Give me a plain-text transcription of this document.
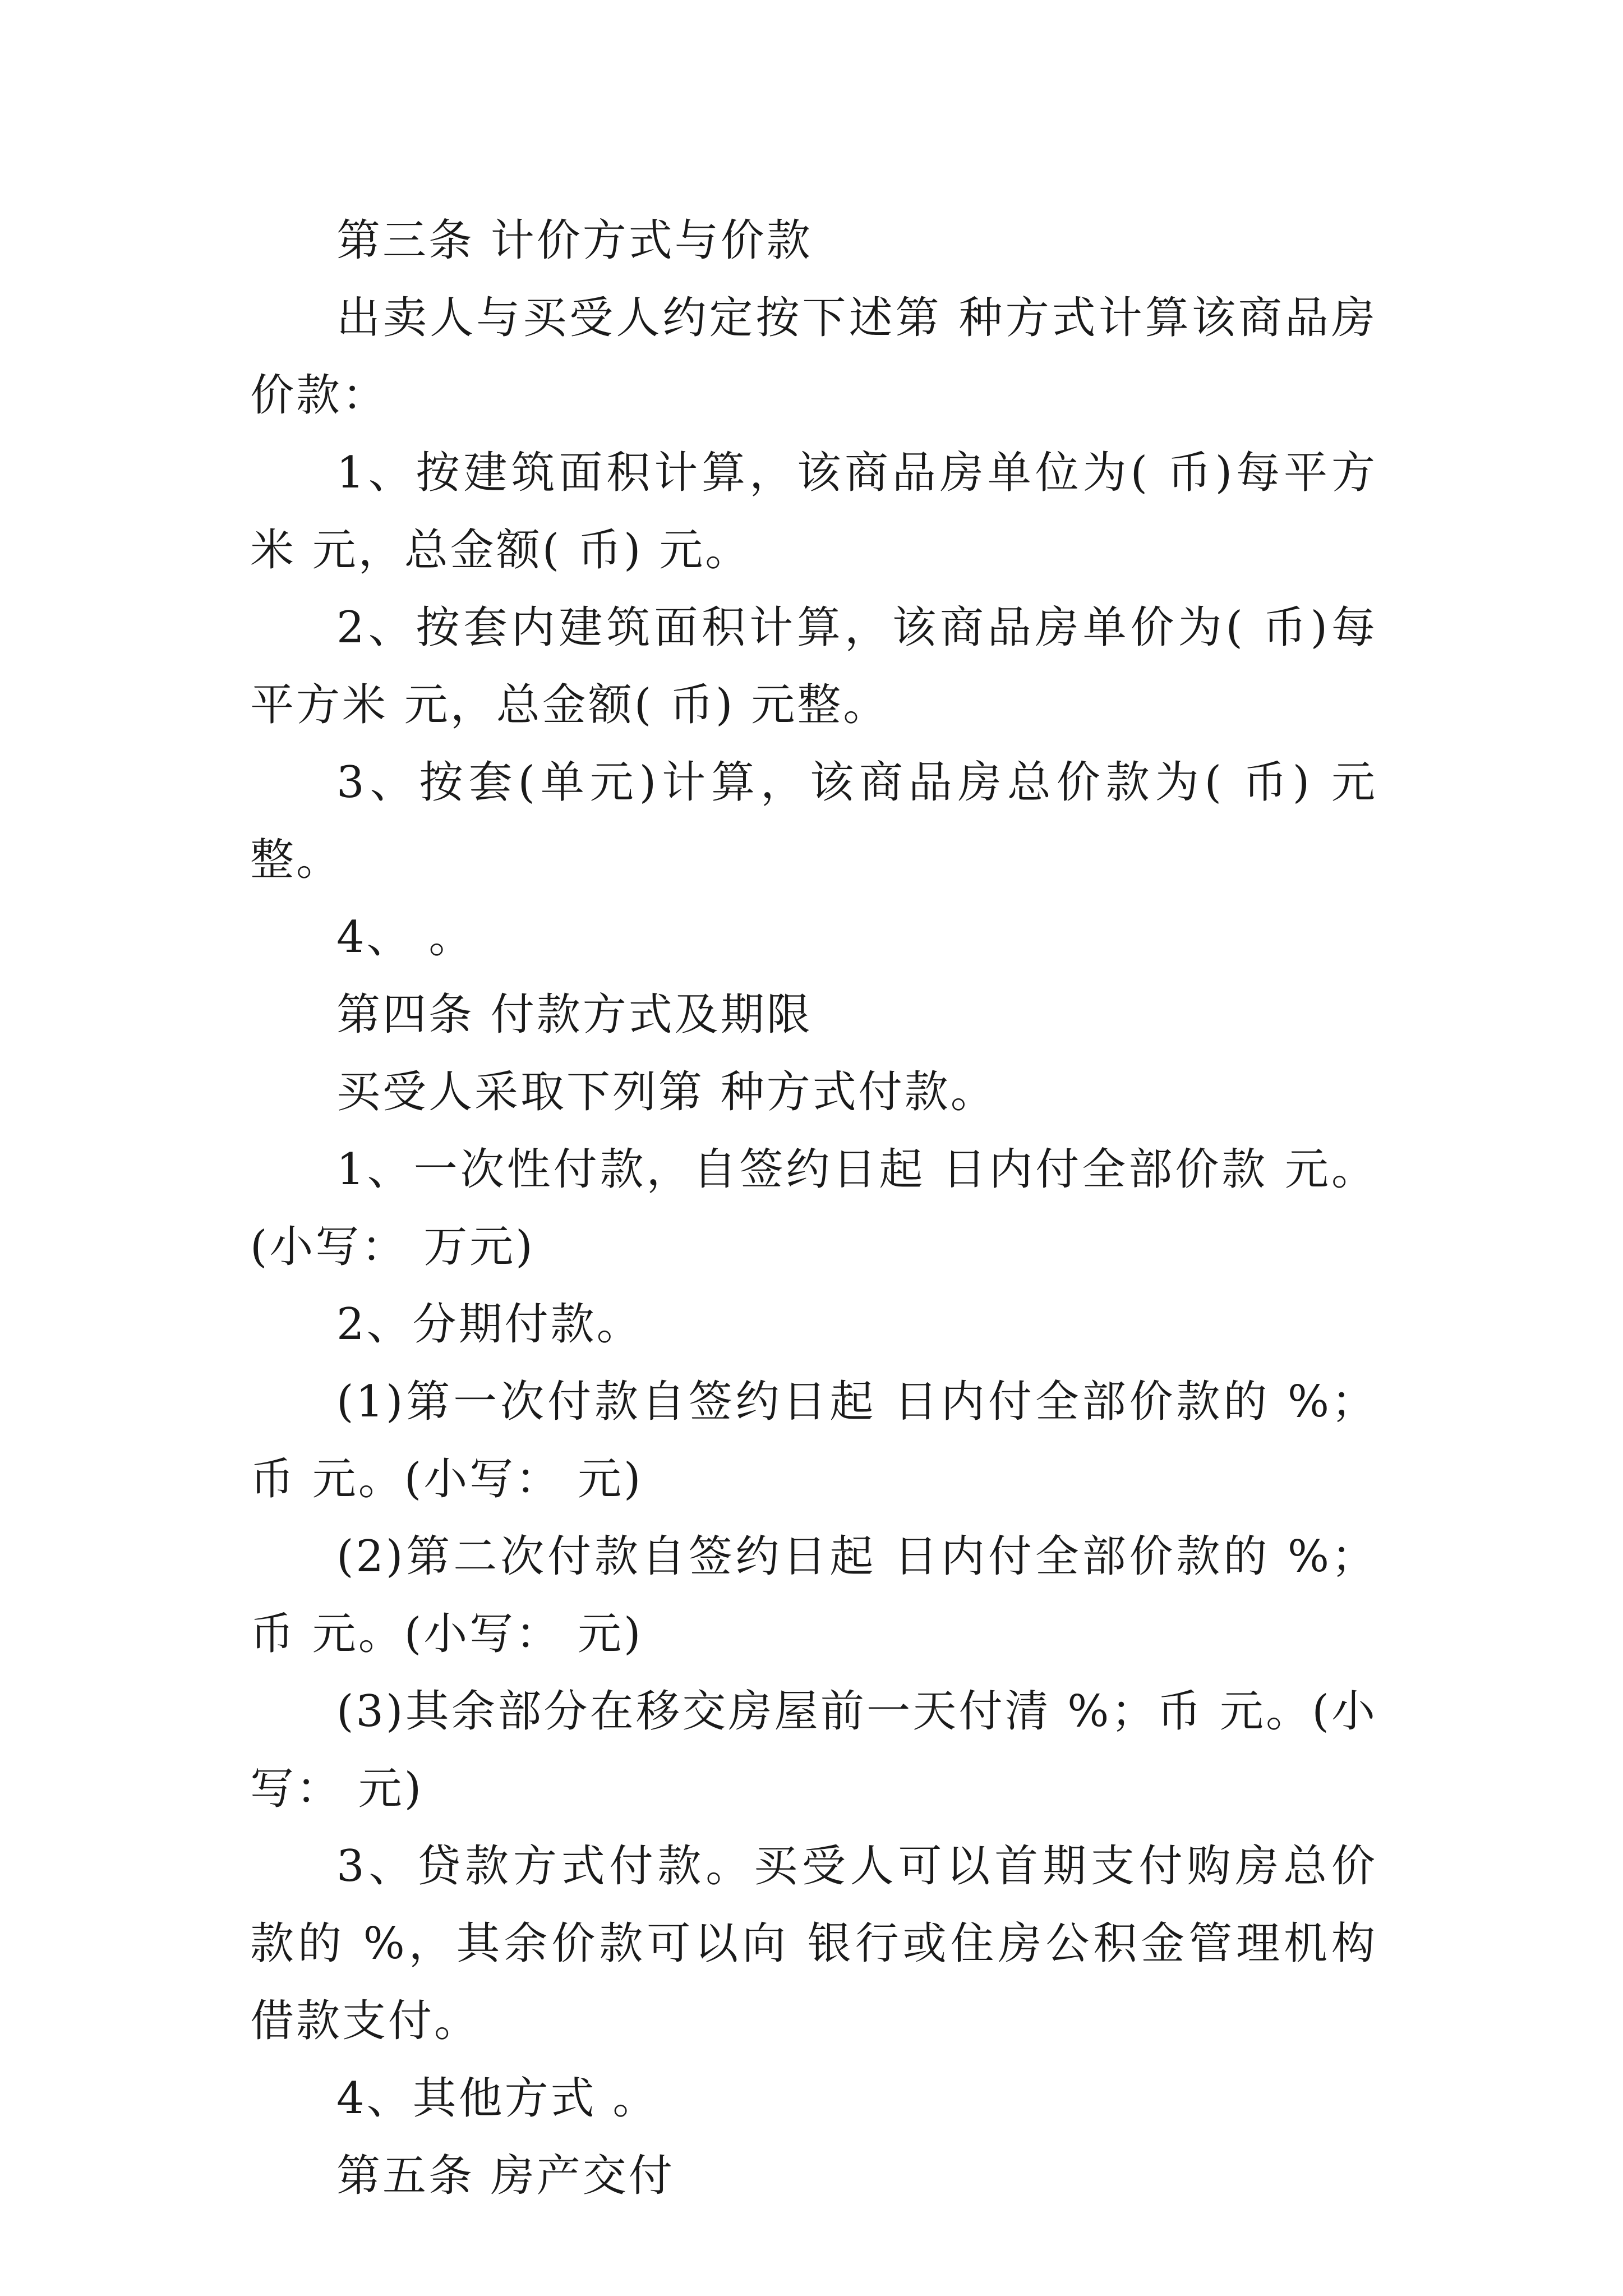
第三条 计价方式与价款

出卖人与买受人约定按下述第 种方式计算该商品房价款：

1、按建筑面积计算，该商品房单位为( 币)每平方米 元，总金额( 币) 元。

2、按套内建筑面积计算，该商品房单价为( 币)每平方米 元，总金额( 币) 元整。

3、按套(单元)计算，该商品房总价款为( 币) 元整。

4、 。

第四条 付款方式及期限

买受人采取下列第 种方式付款。

1、一次性付款，自签约日起 日内付全部价款 元。(小写： 万元)

2、分期付款。

(1)第一次付款自签约日起 日内付全部价款的 %；币 元。(小写： 元)

(2)第二次付款自签约日起 日内付全部价款的 %；币 元。(小写： 元)

(3)其余部分在移交房屋前一天付清 %；币 元。(小写： 元)

3、贷款方式付款。买受人可以首期支付购房总价款的 %，其余价款可以向 银行或住房公积金管理机构借款支付。

4、其他方式 。

第五条 房产交付
